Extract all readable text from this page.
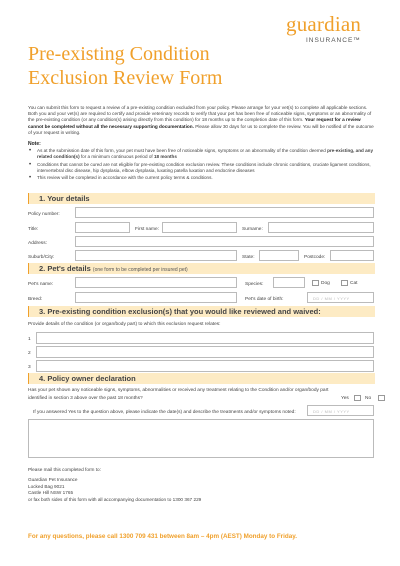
guardian
INSURANCE™
Pre-existing Condition
Exclusion Review Form
You can submit this form to request a review of a pre-existing condition excluded from your policy. Please arrange for your vet(s) to complete all applicable sections. Both you and your vet(s) are required to certify and provide veterinary records to verify that your pet has been free of noticeable signs, symptoms or an abnormality of the pre-existing condition (or any condition(s) arising directly from this condition) for 18 months up to the completion date of this form. Your request for a review cannot be completed without all the necessary supporting documentation. Please allow 30 days for us to complete the review. You will be notified of the outcome of your request in writing.
Note:
• As at the submission date of this form, your pet must have been free of noticeable signs, symptoms or an abnormality of the condition deemed pre-existing, and any related condition(s) for a minimum continuous period of 18 months
• Conditions that cannot be cured are not eligible for pre-existing condition exclusion review. These conditions include chronic conditions, cruciate ligament conditions, intervertebral disc disease, hip dysplasia, elbow dysplasia, luxating patella luxation and endocrine diseases
• This review will be completed in accordance with the current policy terms & conditions.
1. Your details
Policy number:
Title:	First name:	Surname:
Address:
Suburb/City:	State:	Postcode:
2. Pet's details (one form to be completed per insured pet)
Pet's name:	Species:	Dog	Cat
Breed:	Pet's date of birth:	DD / MM / YYYY
3. Pre-existing condition exclusion(s) that you would like reviewed and waived:
Provide details of the condition (or organ/body part) to which this exclusion request relates:
1
2
3
4. Policy owner declaration
Has your pet shown any noticeable signs, symptoms, abnormalities or received any treatment relating to the Condition and/or organ/body part
identified in section 3 above over the past 18 months?	Yes	No
If you answered Yes to the question above, please indicate the date(s) and describe the treatments and/or symptoms noted:	DD / MM / YYYY
Please mail this completed form to:
Guardian Pet Insurance
Locked Bag 9021
Castle Hill NSW 1765
or fax both sides of this form with all accompanying documentation to 1300 367 229
For any questions, please call 1300 709 431 between 8am – 4pm (AEST) Monday to Friday.
